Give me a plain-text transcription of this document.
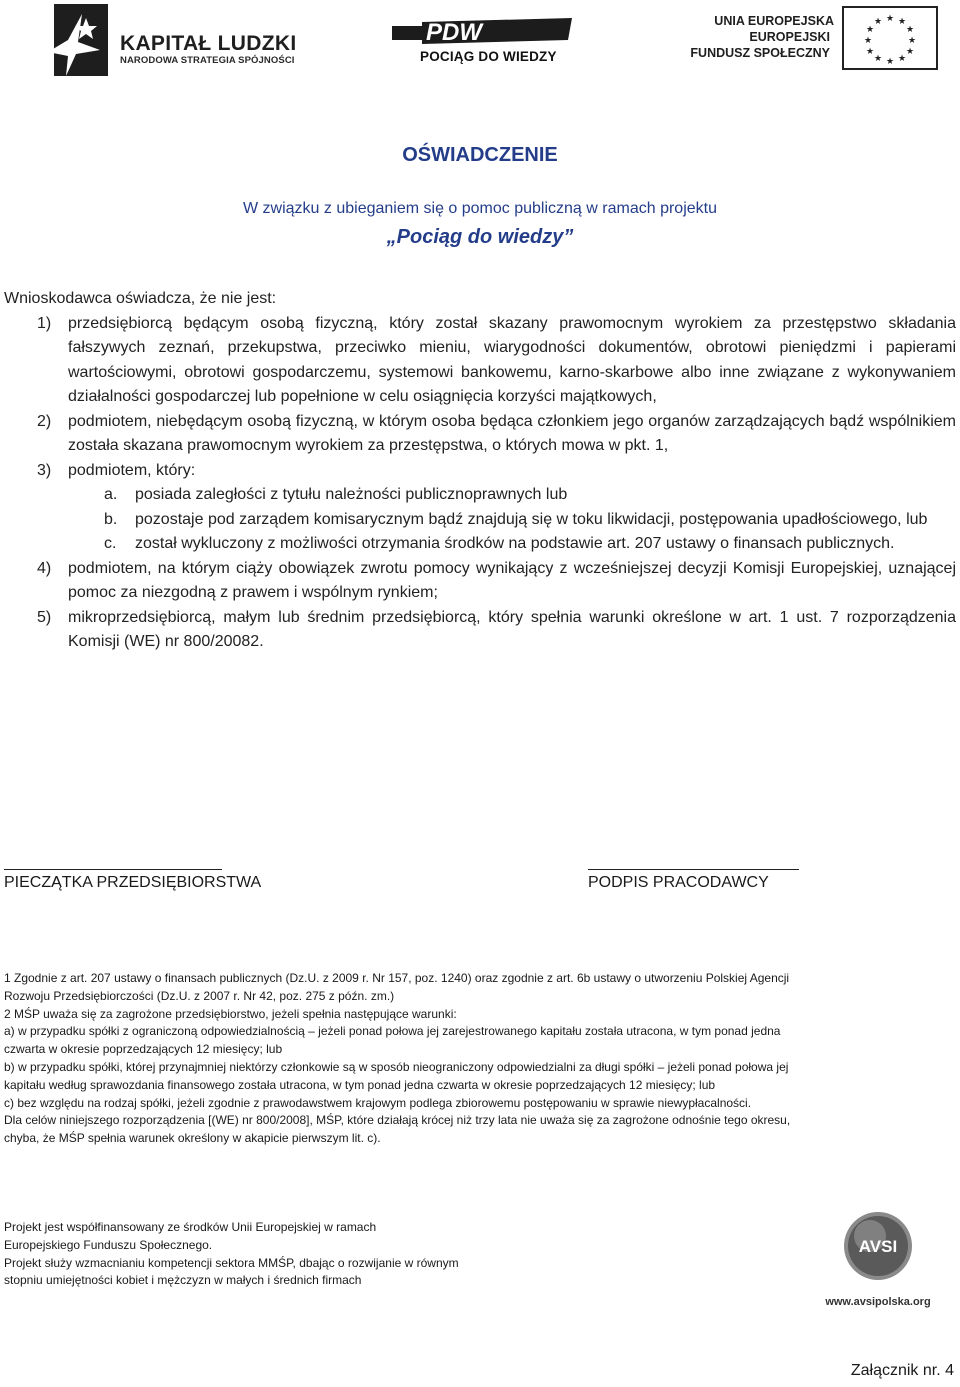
KAPITAŁ LUDZKI
NARODOWA STRATEGIA SPÓJNOŚCI
PDW
POCIĄG DO WIEDZY
UNIA EUROPEJSKA
EUROPEJSKI
FUNDUSZ SPOŁECZNY
★ ★
★
★
★
★
★
★
★
★
★
★
OŚWIADCZENIE
W związku z ubieganiem się o pomoc publiczną w ramach projektu
„Pociąg do wiedzy”
Wnioskodawca oświadcza, że nie jest:
1) przedsiębiorcą będącym osobą fizyczną, który został skazany prawomocnym wyrokiem za przestępstwo składania fałszywych zeznań, przekupstwa, przeciwko mieniu, wiarygodności dokumentów, obrotowi pieniędzmi i papierami wartościowymi, obrotowi gospodarczemu, systemowi bankowemu, karno-skarbowe albo inne związane z wykonywaniem działalności gospodarczej lub popełnione w celu osiągnięcia korzyści majątkowych,
2) podmiotem, niebędącym osobą fizyczną, w którym osoba będąca członkiem jego organów zarządzających bądź wspólnikiem została skazana prawomocnym wyrokiem za przestępstwa, o których mowa w pkt. 1,
3) podmiotem, który:
a. posiada zaległości z tytułu należności publicznoprawnych lub
b. pozostaje pod zarządem komisarycznym bądź znajdują się w toku likwidacji, postępowania upadłościowego, lub
c. został wykluczony z możliwości otrzymania środków na podstawie art. 207 ustawy o finansach publicznych.
4) podmiotem, na którym ciąży obowiązek zwrotu pomocy wynikający z wcześniejszej decyzji Komisji Europejskiej, uznającej pomoc za niezgodną z prawem i wspólnym rynkiem;
5) mikroprzedsiębiorcą, małym lub średnim przedsiębiorcą, który spełnia warunki określone w art. 1 ust. 7 rozporządzenia Komisji (WE) nr 800/20082.
PIECZĄTKA PRZEDSIĘBIORSTWA	PODPIS PRACODAWCY
1 Zgodnie z art. 207 ustawy o finansach publicznych (Dz.U. z 2009 r. Nr 157, poz. 1240) oraz zgodnie z art. 6b ustawy o utworzeniu Polskiej Agencji Rozwoju Przedsiębiorczości (Dz.U. z 2007 r. Nr 42, poz. 275 z późn. zm.)
2 MŚP uważa się za zagrożone przedsiębiorstwo, jeżeli spełnia następujące warunki:
a) w przypadku spółki z ograniczoną odpowiedzialnością – jeżeli ponad połowa jej zarejestrowanego kapitału została utracona, w tym ponad jedna czwarta w okresie poprzedzających 12 miesięcy; lub
b) w przypadku spółki, której przynajmniej niektórzy członkowie są w sposób nieograniczony odpowiedzialni za długi spółki – jeżeli ponad połowa jej kapitału według sprawozdania finansowego została utracona, w tym ponad jedna czwarta w okresie poprzedzających 12 miesięcy; lub
c) bez względu na rodzaj spółki, jeżeli zgodnie z prawodawstwem krajowym podlega zbiorowemu postępowaniu w sprawie niewypłacalności.
Dla celów niniejszego rozporządzenia [(WE) nr 800/2008], MŚP, które działają krócej niż trzy lata nie uważa się za zagrożone odnośnie tego okresu, chyba, że MŚP spełnia warunek określony w akapicie pierwszym lit. c).
Projekt jest współfinansowany ze środków Unii Europejskiej w ramach
Europejskiego Funduszu Społecznego.
Projekt służy wzmacnianiu kompetencji sektora MMŚP, dbając o rozwijanie w równym
stopniu umiejętności kobiet i mężczyzn w małych i średnich firmach
AVSI
www.avsipolska.org
Załącznik nr. 4
